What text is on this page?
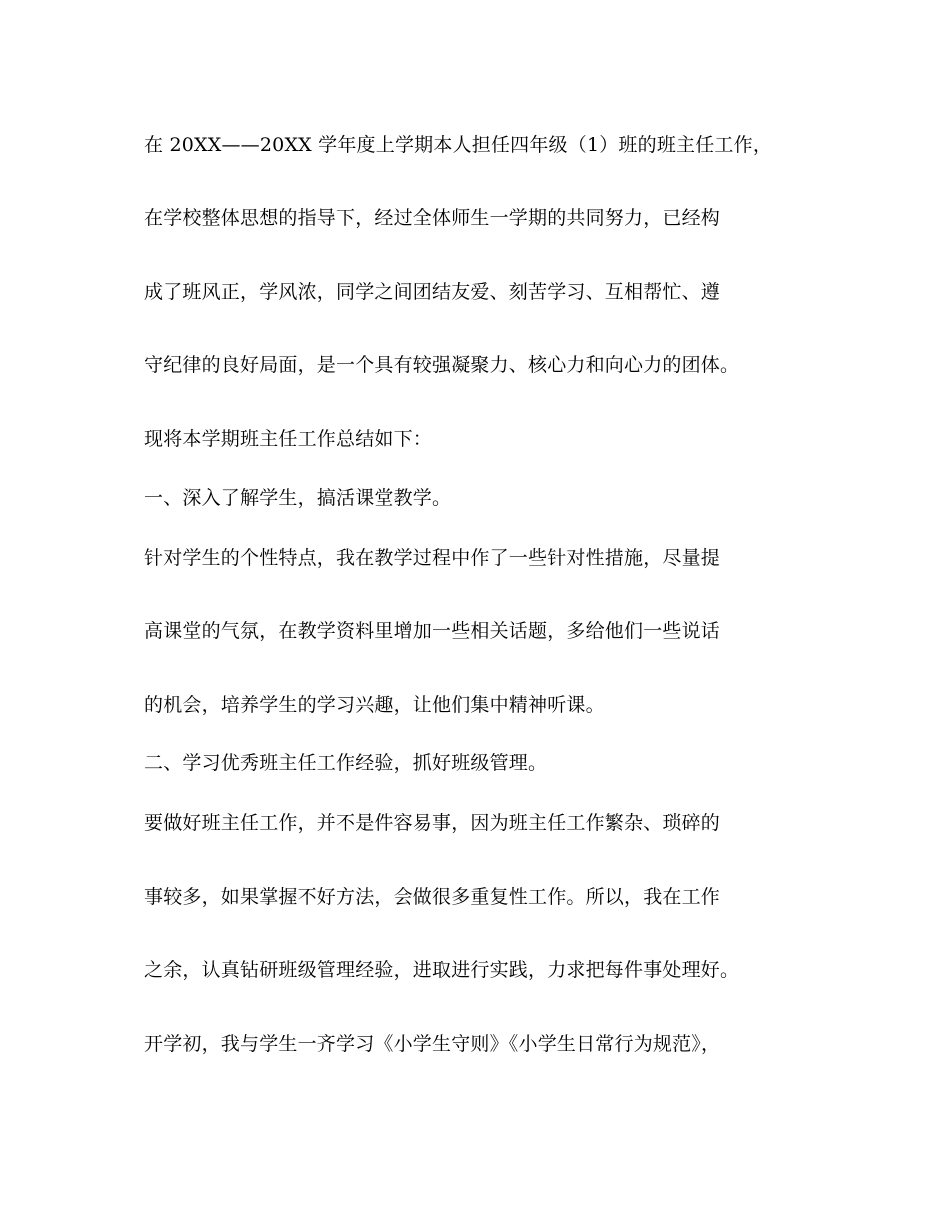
在 20XX——20XX 学年度上学期本人担任四年级（1）班的班主任工作，

在学校整体思想的指导下，经过全体师生一学期的共同努力，已经构

成了班风正，学风浓，同学之间团结友爱、刻苦学习、互相帮忙、遵

守纪律的良好局面，是一个具有较强凝聚力、核心力和向心力的团体。

现将本学期班主任工作总结如下：

一、深入了解学生，搞活课堂教学。

针对学生的个性特点，我在教学过程中作了一些针对性措施，尽量提

高课堂的气氛，在教学资料里增加一些相关话题，多给他们一些说话

的机会，培养学生的学习兴趣，让他们集中精神听课。

二、学习优秀班主任工作经验，抓好班级管理。

要做好班主任工作，并不是件容易事，因为班主任工作繁杂、琐碎的

事较多，如果掌握不好方法，会做很多重复性工作。所以，我在工作

之余，认真钻研班级管理经验，进取进行实践，力求把每件事处理好。

开学初，我与学生一齐学习《小学生守则》《小学生日常行为规范》，
